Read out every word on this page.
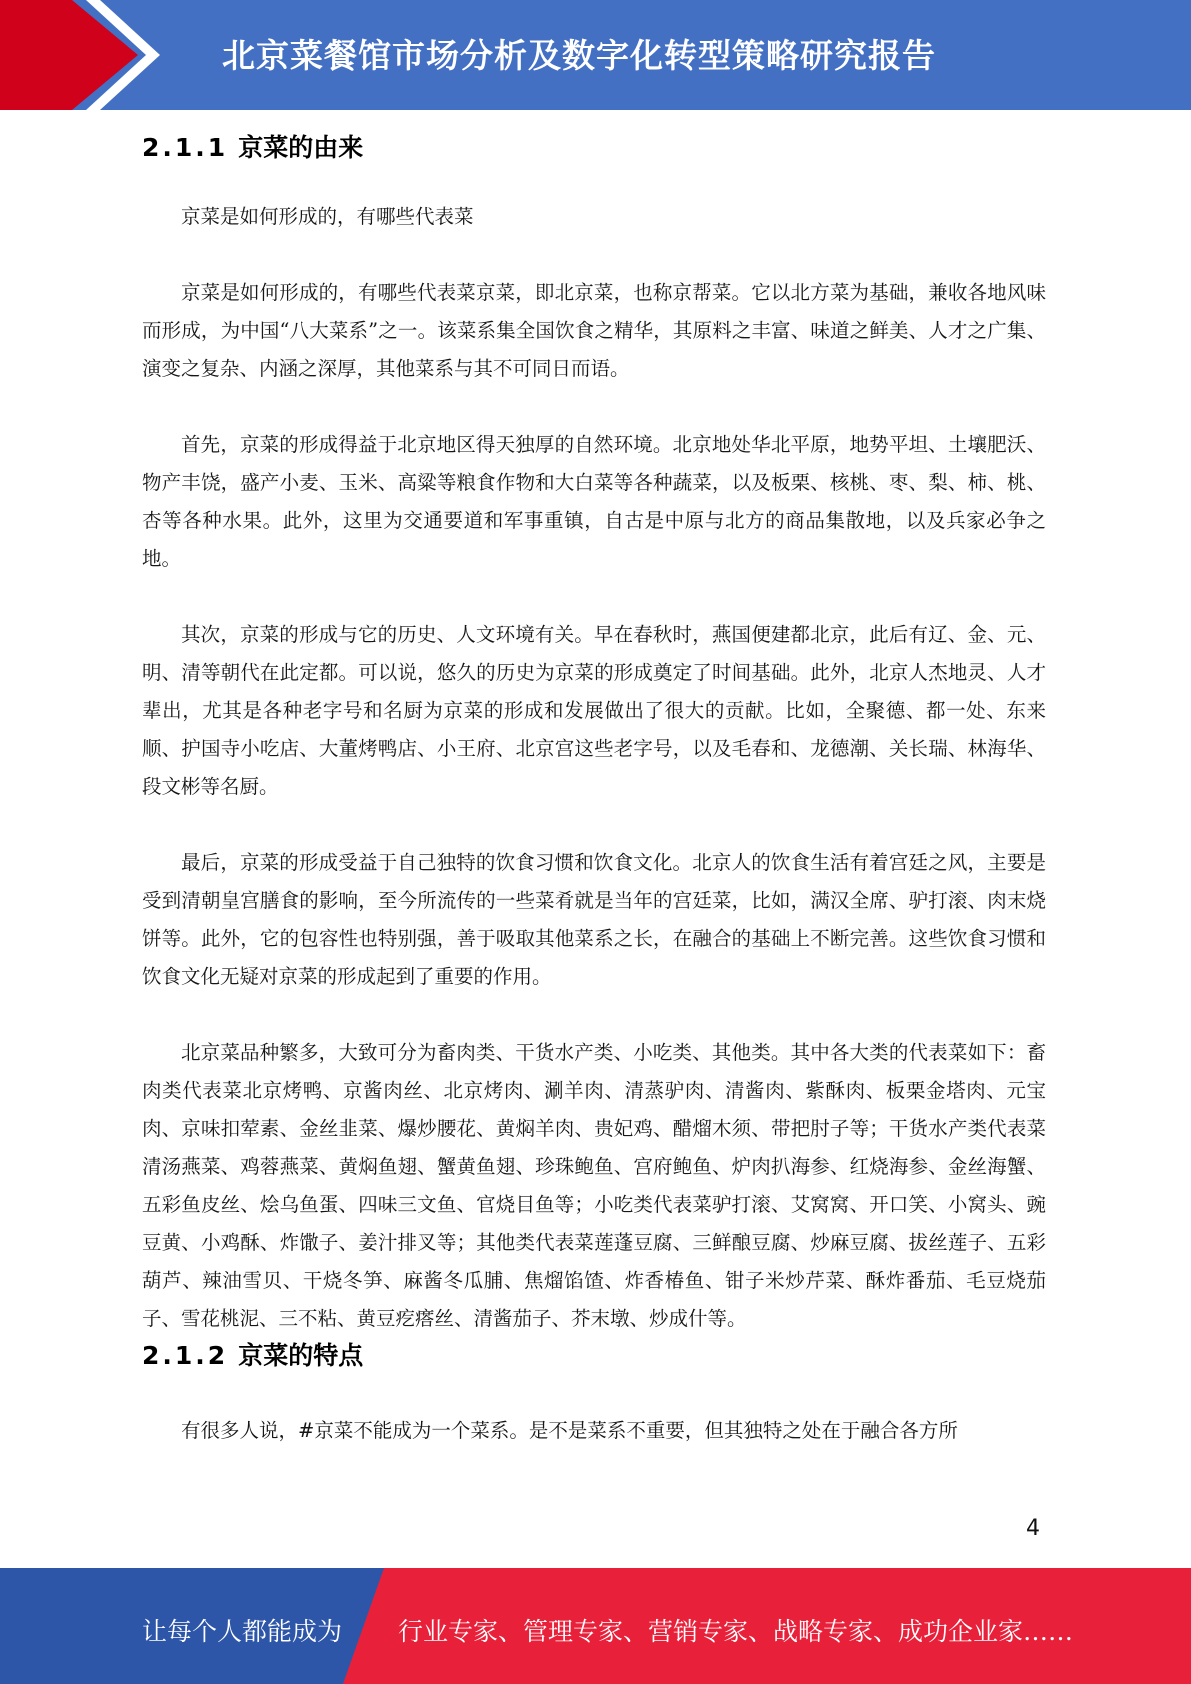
北京菜餐馆市场分析及数字化转型策略研究报告
2.1.1 京菜的由来

京菜是如何形成的，有哪些代表菜

京菜是如何形成的，有哪些代表菜京菜，即北京菜，也称京帮菜。它以北方菜为基础，兼收各地风味而形成，为中国“八大菜系”之一。该菜系集全国饮食之精华，其原料之丰富、味道之鲜美、人才之广集、演变之复杂、内涵之深厚，其他菜系与其不可同日而语。

首先，京菜的形成得益于北京地区得天独厚的自然环境。北京地处华北平原，地势平坦、土壤肥沃、物产丰饶，盛产小麦、玉米、高粱等粮食作物和大白菜等各种蔬菜，以及板栗、核桃、枣、梨、柿、桃、杏等各种水果。此外，这里为交通要道和军事重镇，自古是中原与北方的商品集散地，以及兵家必争之地。

其次，京菜的形成与它的历史、人文环境有关。早在春秋时，燕国便建都北京，此后有辽、金、元、明、清等朝代在此定都。可以说，悠久的历史为京菜的形成奠定了时间基础。此外，北京人杰地灵、人才辈出，尤其是各种老字号和名厨为京菜的形成和发展做出了很大的贡献。比如，全聚德、都一处、东来顺、护国寺小吃店、大董烤鸭店、小王府、北京宫这些老字号，以及毛春和、龙德潮、关长瑞、林海华、段文彬等名厨。

最后，京菜的形成受益于自己独特的饮食习惯和饮食文化。北京人的饮食生活有着宫廷之风，主要是受到清朝皇宫膳食的影响，至今所流传的一些菜肴就是当年的宫廷菜，比如，满汉全席、驴打滚、肉末烧饼等。此外，它的包容性也特别强，善于吸取其他菜系之长，在融合的基础上不断完善。这些饮食习惯和饮食文化无疑对京菜的形成起到了重要的作用。

北京菜品种繁多，大致可分为畜肉类、干货水产类、小吃类、其他类。其中各大类的代表菜如下：畜肉类代表菜北京烤鸭、京酱肉丝、北京烤肉、涮羊肉、清蒸驴肉、清酱肉、紫酥肉、板栗金塔肉、元宝肉、京味扣荤素、金丝韭菜、爆炒腰花、黄焖羊肉、贵妃鸡、醋熘木须、带把肘子等；干货水产类代表菜清汤燕菜、鸡蓉燕菜、黄焖鱼翅、蟹黄鱼翅、珍珠鲍鱼、宫府鲍鱼、炉肉扒海参、红烧海参、金丝海蟹、五彩鱼皮丝、烩乌鱼蛋、四味三文鱼、官烧目鱼等；小吃类代表菜驴打滚、艾窝窝、开口笑、小窝头、豌豆黄、小鸡酥、炸馓子、姜汁排叉等；其他类代表菜莲蓬豆腐、三鲜酿豆腐、炒麻豆腐、拔丝莲子、五彩葫芦、辣油雪贝、干烧冬笋、麻酱冬瓜脯、焦熘馅馇、炸香椿鱼、钳子米炒芹菜、酥炸番茄、毛豆烧茄子、雪花桃泥、三不粘、黄豆疙瘩丝、清酱茄子、芥末墩、炒成什等。

2.1.2 京菜的特点

有很多人说，#京菜不能成为一个菜系。是不是菜系不重要，但其独特之处在于融合各方所

4
让每个人都能成为 行业专家、管理专家、营销专家、战略专家、成功企业家……
